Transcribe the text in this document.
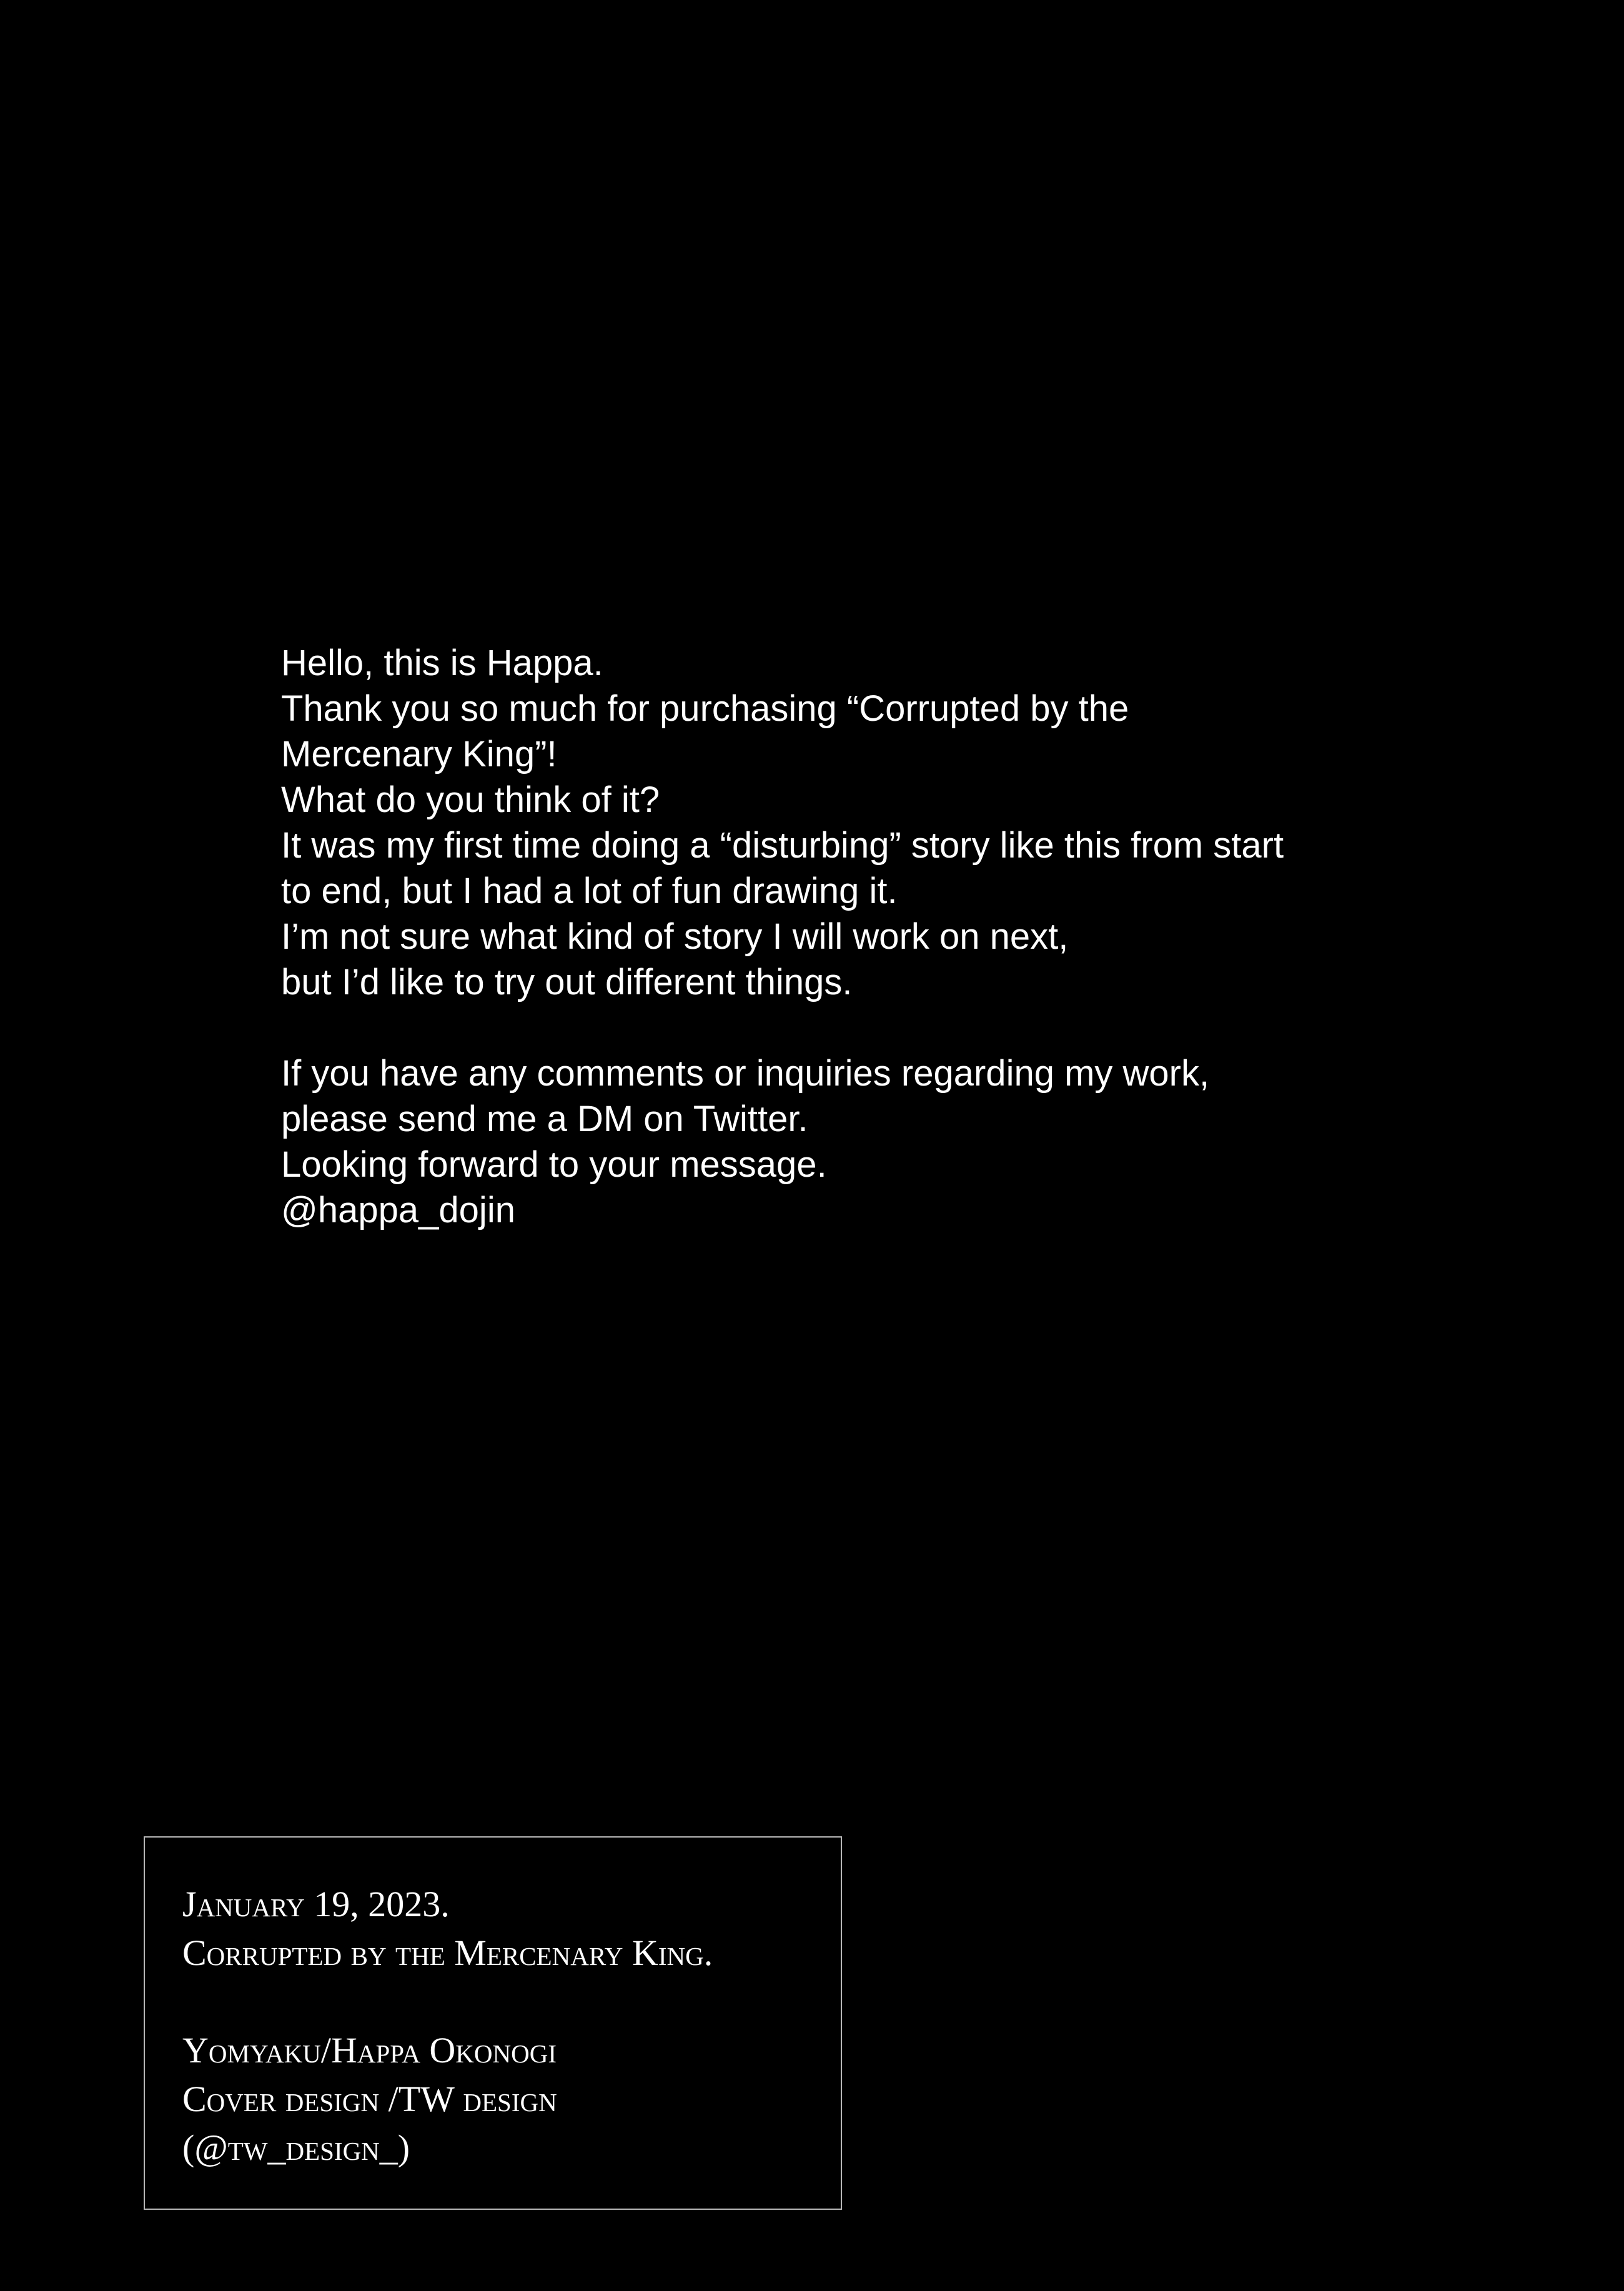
Hello, this is Happa.
Thank you so much for purchasing “Corrupted by the
Mercenary King”!
What do you think of it?
It was my first time doing a “disturbing” story like this from start
to end, but I had a lot of fun drawing it.
I’m not sure what kind of story I will work on next,
but I’d like to try out different things.
If you have any comments or inquiries regarding my work,
please send me a DM on Twitter.
Looking forward to your message.
@happa_dojin
January 19, 2023.
Corrupted by the Mercenary King.
Yomyaku/Happa Okonogi
Cover design /TW design
(@tw_design_)
